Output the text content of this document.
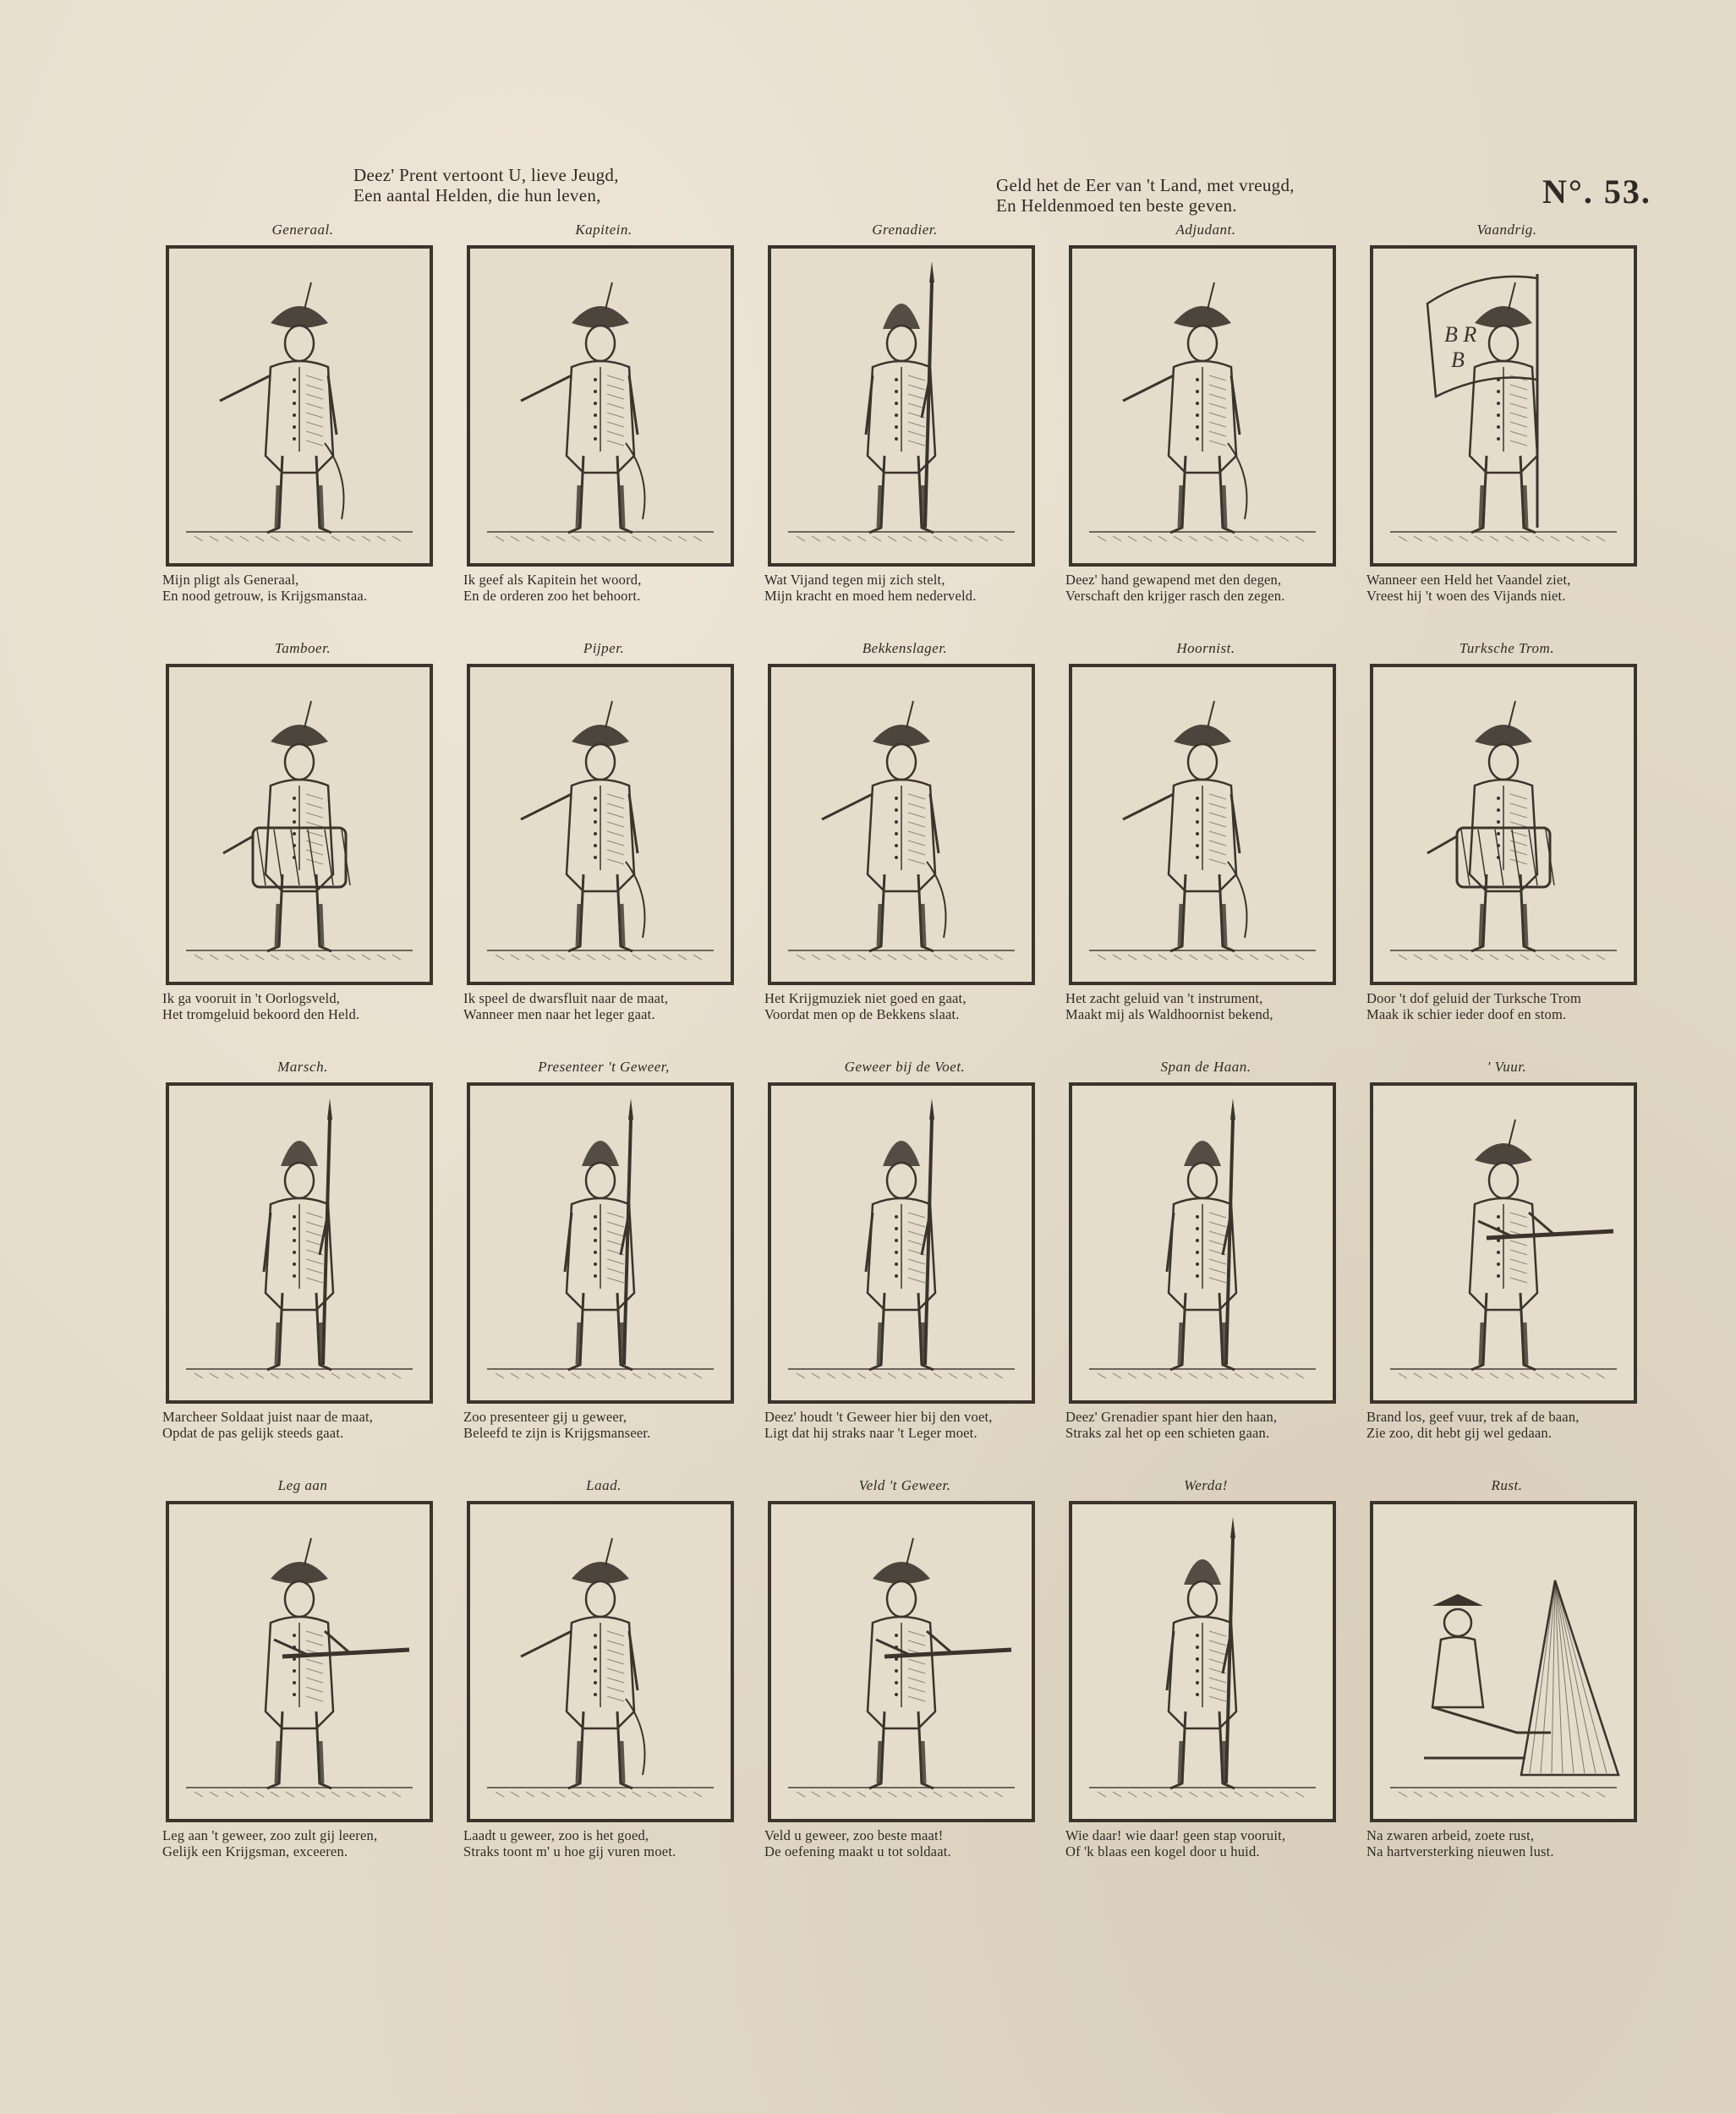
Deez' Prent vertoont U, lieve Jeugd,
Een aantal Helden, die hun leven,	Geld het de Eer van 't Land, met vreugd,
En Heldenmoed ten beste geven.	N°. 53.
Generaal.
Mijn pligt als Generaal,
En nood getrouw, is Krijgsmanstaa.
Kapitein.
Ik geef als Kapitein het woord,
En de orderen zoo het behoort.
Grenadier.
Wat Vijand tegen mij zich stelt,
Mijn kracht en moed hem nederveld.
Adjudant.
Deez' hand gewapend met den degen,
Verschaft den krijger rasch den zegen.
Vaandrig.
B R
B
Wanneer een Held het Vaandel ziet,
Vreest hij 't woen des Vijands niet.
Tamboer.
Ik ga vooruit in 't Oorlogsveld,
Het tromgeluid bekoord den Held.
Pijper.
Ik speel de dwarsfluit naar de maat,
Wanneer men naar het leger gaat.
Bekkenslager.
Het Krijgmuziek niet goed en gaat,
Voordat men op de Bekkens slaat.
Hoornist.
Het zacht geluid van 't instrument,
Maakt mij als Waldhoornist bekend,
Turksche Trom.
Door 't dof geluid der Turksche Trom
Maak ik schier ieder doof en stom.
Marsch.
Marcheer Soldaat juist naar de maat,
Opdat de pas gelijk steeds gaat.
Presenteer 't Geweer,
Zoo presenteer gij u geweer,
Beleefd te zijn is Krijgsmanseer.
Geweer bij de Voet.
Deez' houdt 't Geweer hier bij den voet,
Ligt dat hij straks naar 't Leger moet.
Span de Haan.
Deez' Grenadier spant hier den haan,
Straks zal het op een schieten gaan.
' Vuur.
Brand los, geef vuur, trek af de baan,
Zie zoo, dit hebt gij wel gedaan.
Leg aan
Leg aan 't geweer, zoo zult gij leeren,
Gelijk een Krijgsman, exceeren.
Laad.
Laadt u geweer, zoo is het goed,
Straks toont m' u hoe gij vuren moet.
Veld 't Geweer.
Veld u geweer, zoo beste maat!
De oefening maakt u tot soldaat.
Werda!
Wie daar! wie daar! geen stap vooruit,
Of 'k blaas een kogel door u huid.
Rust.
Na zwaren arbeid, zoete rust,
Na hartversterking nieuwen lust.
